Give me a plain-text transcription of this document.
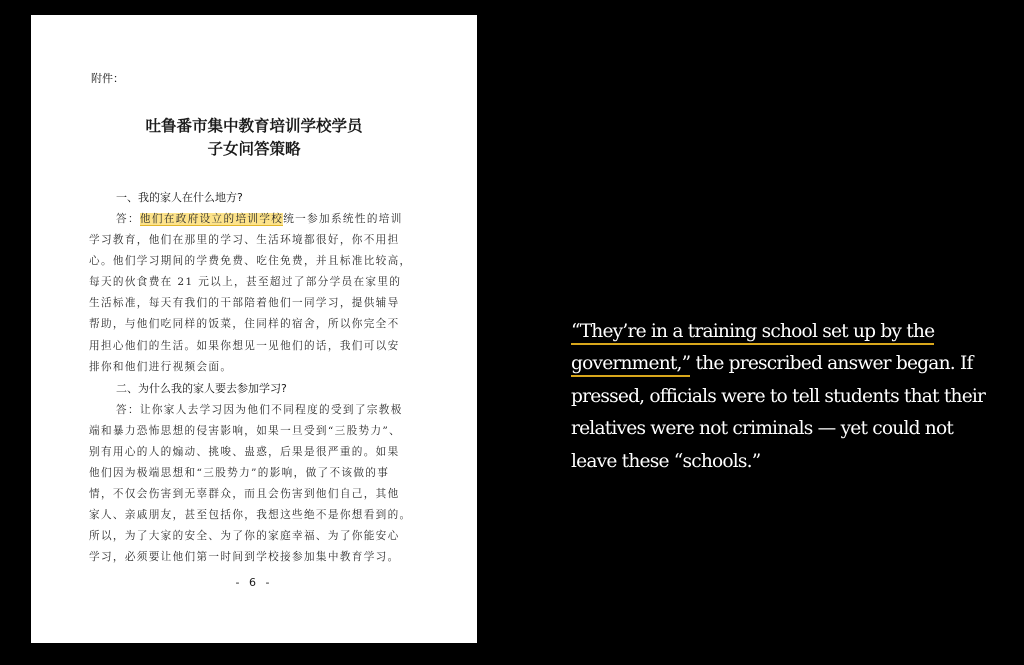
附件：
吐鲁番市集中教育培训学校学员
子女问答策略
一、我的家人在什么地方?
答：他们在政府设立的培训学校统一参加系统性的培训
学习教育，他们在那里的学习、生活环境都很好，你不用担
心。他们学习期间的学费免费、吃住免费，并且标准比较高，
每天的伙食费在 21 元以上，甚至超过了部分学员在家里的
生活标准，每天有我们的干部陪着他们一同学习，提供辅导
帮助，与他们吃同样的饭菜，住同样的宿舍，所以你完全不
用担心他们的生活。如果你想见一见他们的话，我们可以安
排你和他们进行视频会面。
二、为什么我的家人要去参加学习?
答：让你家人去学习因为他们不同程度的受到了宗教极
端和暴力恐怖思想的侵害影响，如果一旦受到“三股势力”、
别有用心的人的煽动、挑唆、蛊惑，后果是很严重的。如果
他们因为极端思想和“三股势力”的影响，做了不该做的事
情，不仅会伤害到无辜群众，而且会伤害到他们自己，其他
家人、亲戚朋友，甚至包括你，我想这些绝不是你想看到的。
所以，为了大家的安全、为了你的家庭幸福、为了你能安心
学习，必须要让他们第一时间到学校接参加集中教育学习。
- 6 -
“They’re in a training school set up by the
government,” the prescribed answer began. If
pressed, officials were to tell students that their
relatives were not criminals — yet could not
leave these “schools.”
